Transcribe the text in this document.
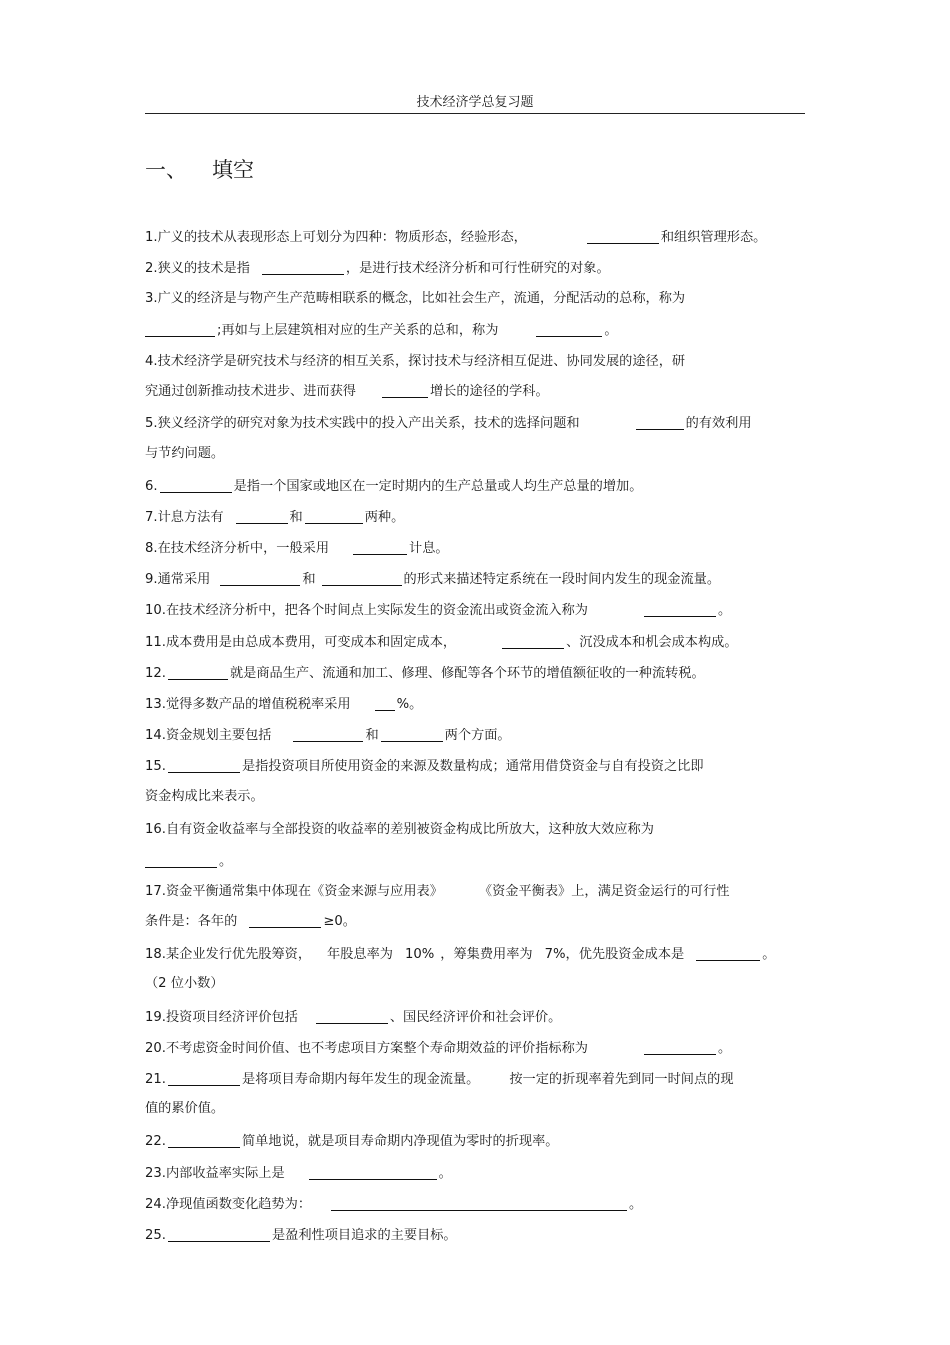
技术经济学总复习题
一、 填空
1.广义的技术从表现形态上可划分为四种：物质形态，经验形态，	和组织管理形态。
2.狭义的技术是指	，是进行技术经济分析和可行性研究的对象。
3.广义的经济是与物产生产范畴相联系的概念，比如社会生产，流通，分配活动的总称，称为
;再如与上层建筑相对应的生产关系的总和，称为	。
4.技术经济学是研究技术与经济的相互关系，探讨技术与经济相互促进、协同发展的途径，研
究通过创新推动技术进步、进而获得	增长的途径的学科。
5.狭义经济学的研究对象为技术实践中的投入产出关系，技术的选择问题和	的有效利用
与节约问题。
6.	是指一个国家或地区在一定时期内的生产总量或人均生产总量的增加。
7.计息方法有	和	两种。
8.在技术经济分析中，一般采用	计息。
9.通常采用	和	的形式来描述特定系统在一段时间内发生的现金流量。
10.在技术经济分析中，把各个时间点上实际发生的资金流出或资金流入称为	。
11.成本费用是由总成本费用，可变成本和固定成本，	、沉没成本和机会成本构成。
12.	就是商品生产、流通和加工、修理、修配等各个环节的增值额征收的一种流转税。
13.觉得多数产品的增值税税率采用	%。
14.资金规划主要包括	和	两个方面。
15.	是指投资项目所使用资金的来源及数量构成；通常用借贷资金与自有投资之比即
资金构成比来表示。
16.自有资金收益率与全部投资的收益率的差别被资金构成比所放大，这种放大效应称为
。
17.资金平衡通常集中体现在《资金来源与应用表》	《资金平衡表》上，满足资金运行的可行性
条件是：各年的	≥0。
18.某企业发行优先股筹资， 年股息率为 10% ，筹集费用率为 7%，优先股资金成本是	。
（2 位小数）
19.投资项目经济评价包括	、国民经济评价和社会评价。
20.不考虑资金时间价值、也不考虑项目方案整个寿命期效益的评价指标称为	。
21.	是将项目寿命期内每年发生的现金流量。 按一定的折现率着先到同一时间点的现
值的累价值。
22.	简单地说，就是项目寿命期内净现值为零时的折现率。
23.内部收益率实际上是	。
24.净现值函数变化趋势为：	。
25.	是盈利性项目追求的主要目标。
